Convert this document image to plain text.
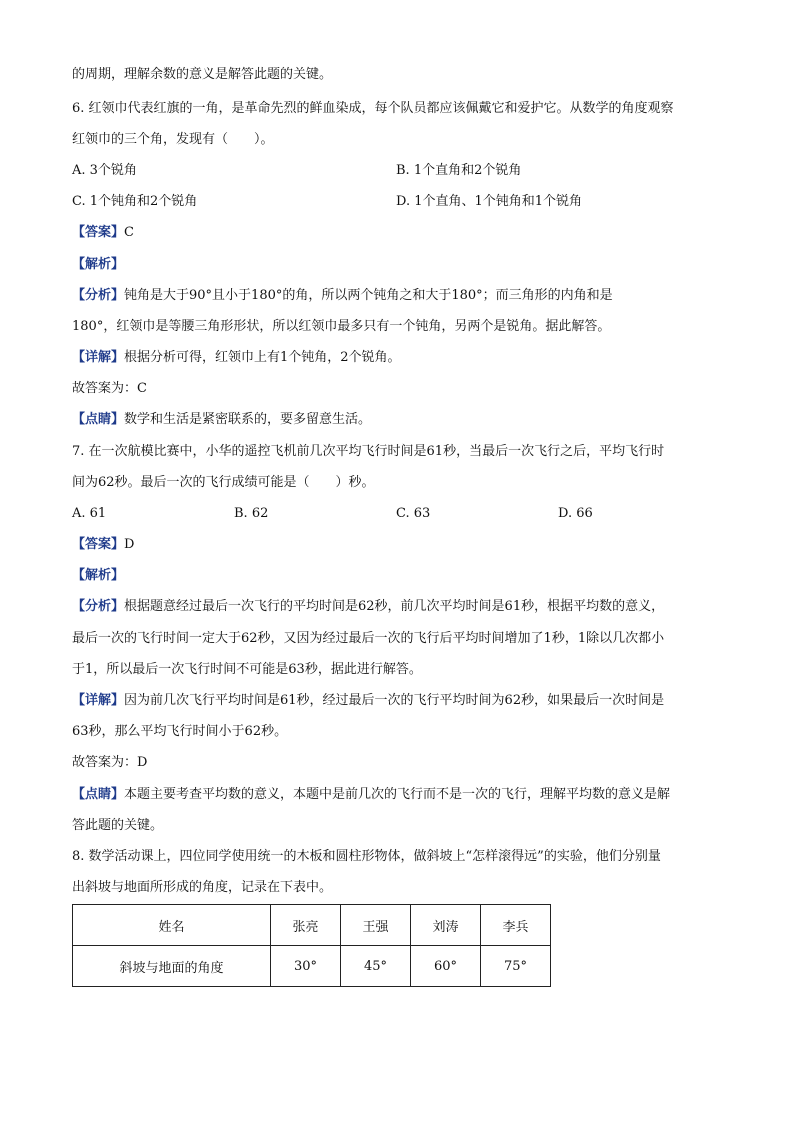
的周期，理解余数的意义是解答此题的关键。
6. 红领巾代表红旗的一角，是革命先烈的鲜血染成，每个队员都应该佩戴它和爱护它。从数学的角度观察
红领巾的三个角，发现有（　　）。
A. 3个锐角	B. 1个直角和2个锐角
C. 1个钝角和2个锐角	D. 1个直角、1个钝角和1个锐角
【答案】C
【解析】
【分析】钝角是大于90°且小于180°的角，所以两个钝角之和大于180°；而三角形的内角和是
180°，红领巾是等腰三角形形状，所以红领巾最多只有一个钝角，另两个是锐角。据此解答。
【详解】根据分析可得，红领巾上有1个钝角，2个锐角。
故答案为：C
【点睛】数学和生活是紧密联系的，要多留意生活。
7. 在一次航模比赛中，小华的遥控飞机前几次平均飞行时间是61秒，当最后一次飞行之后，平均飞行时
间为62秒。最后一次的飞行成绩可能是（　　）秒。
A. 61	B. 62	C. 63	D. 66
【答案】D
【解析】
【分析】根据题意经过最后一次飞行的平均时间是62秒，前几次平均时间是61秒，根据平均数的意义，
最后一次的飞行时间一定大于62秒，又因为经过最后一次的飞行后平均时间增加了1秒，1除以几次都小
于1，所以最后一次飞行时间不可能是63秒，据此进行解答。
【详解】因为前几次飞行平均时间是61秒，经过最后一次的飞行平均时间为62秒，如果最后一次时间是
63秒，那么平均飞行时间小于62秒。
故答案为：D
【点睛】本题主要考查平均数的意义，本题中是前几次的飞行而不是一次的飞行，理解平均数的意义是解
答此题的关键。
8. 数学活动课上，四位同学使用统一的木板和圆柱形物体，做斜坡上“怎样滚得远”的实验，他们分别量
出斜坡与地面所形成的角度，记录在下表中。
姓名	张亮	王强	刘涛	李兵
斜坡与地面的角度	30°	45°	60°	75°
